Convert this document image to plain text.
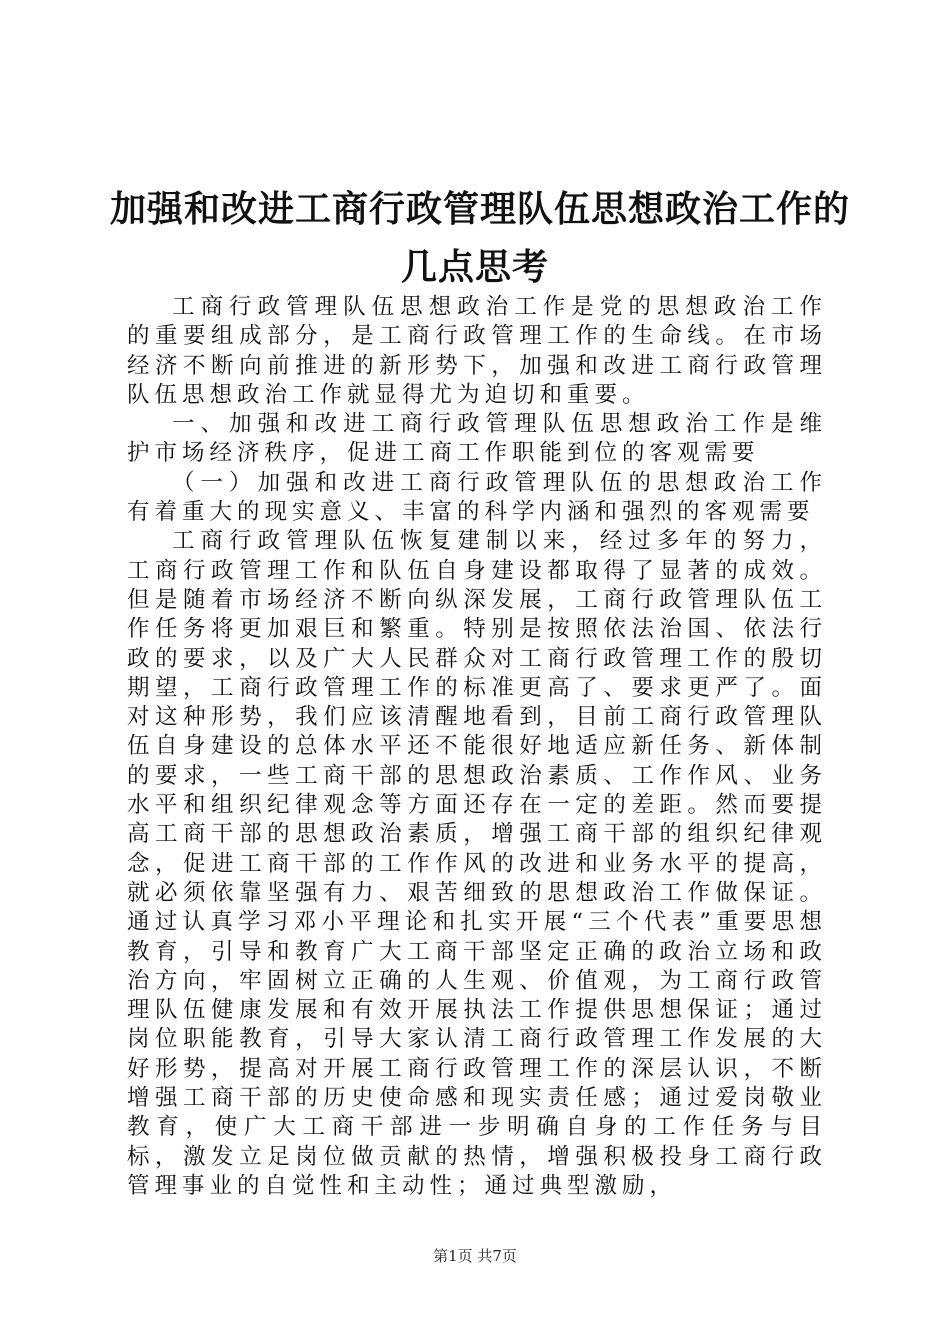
加强和改进工商行政管理队伍思想政治工作的
几点思考

工商行政管理队伍思想政治工作是党的思想政治工作的重要组成部分，是工商行政管理工作的生命线。在市场经济不断向前推进的新形势下，加强和改进工商行政管理队伍思想政治工作就显得尤为迫切和重要。

一、加强和改进工商行政管理队伍思想政治工作是维护市场经济秩序，促进工商工作职能到位的客观需要

（一）加强和改进工商行政管理队伍的思想政治工作有着重大的现实意义、丰富的科学内涵和强烈的客观需要

工商行政管理队伍恢复建制以来，经过多年的努力，工商行政管理工作和队伍自身建设都取得了显著的成效。但是随着市场经济不断向纵深发展，工商行政管理队伍工作任务将更加艰巨和繁重。特别是按照依法治国、依法行政的要求，以及广大人民群众对工商行政管理工作的殷切期望，工商行政管理工作的标准更高了、要求更严了。面对这种形势，我们应该清醒地看到，目前工商行政管理队伍自身建设的总体水平还不能很好地适应新任务、新体制的要求，一些工商干部的思想政治素质、工作作风、业务水平和组织纪律观念等方面还存在一定的差距。然而要提高工商干部的思想政治素质，增强工商干部的组织纪律观念，促进工商干部的工作作风的改进和业务水平的提高，就必须依靠坚强有力、艰苦细致的思想政治工作做保证。通过认真学习邓小平理论和扎实开展“三个代表”重要思想教育，引导和教育广大工商干部坚定正确的政治立场和政治方向，牢固树立正确的人生观、价值观，为工商行政管理队伍健康发展和有效开展执法工作提供思想保证；通过岗位职能教育，引导大家认清工商行政管理工作发展的大好形势，提高对开展工商行政管理工作的深层认识，不断增强工商干部的历史使命感和现实责任感；通过爱岗敬业教育，使广大工商干部进一步明确自身的工作任务与目标，激发立足岗位做贡献的热情，增强积极投身工商行政管理事业的自觉性和主动性；通过典型激励，

第1页 共7页
